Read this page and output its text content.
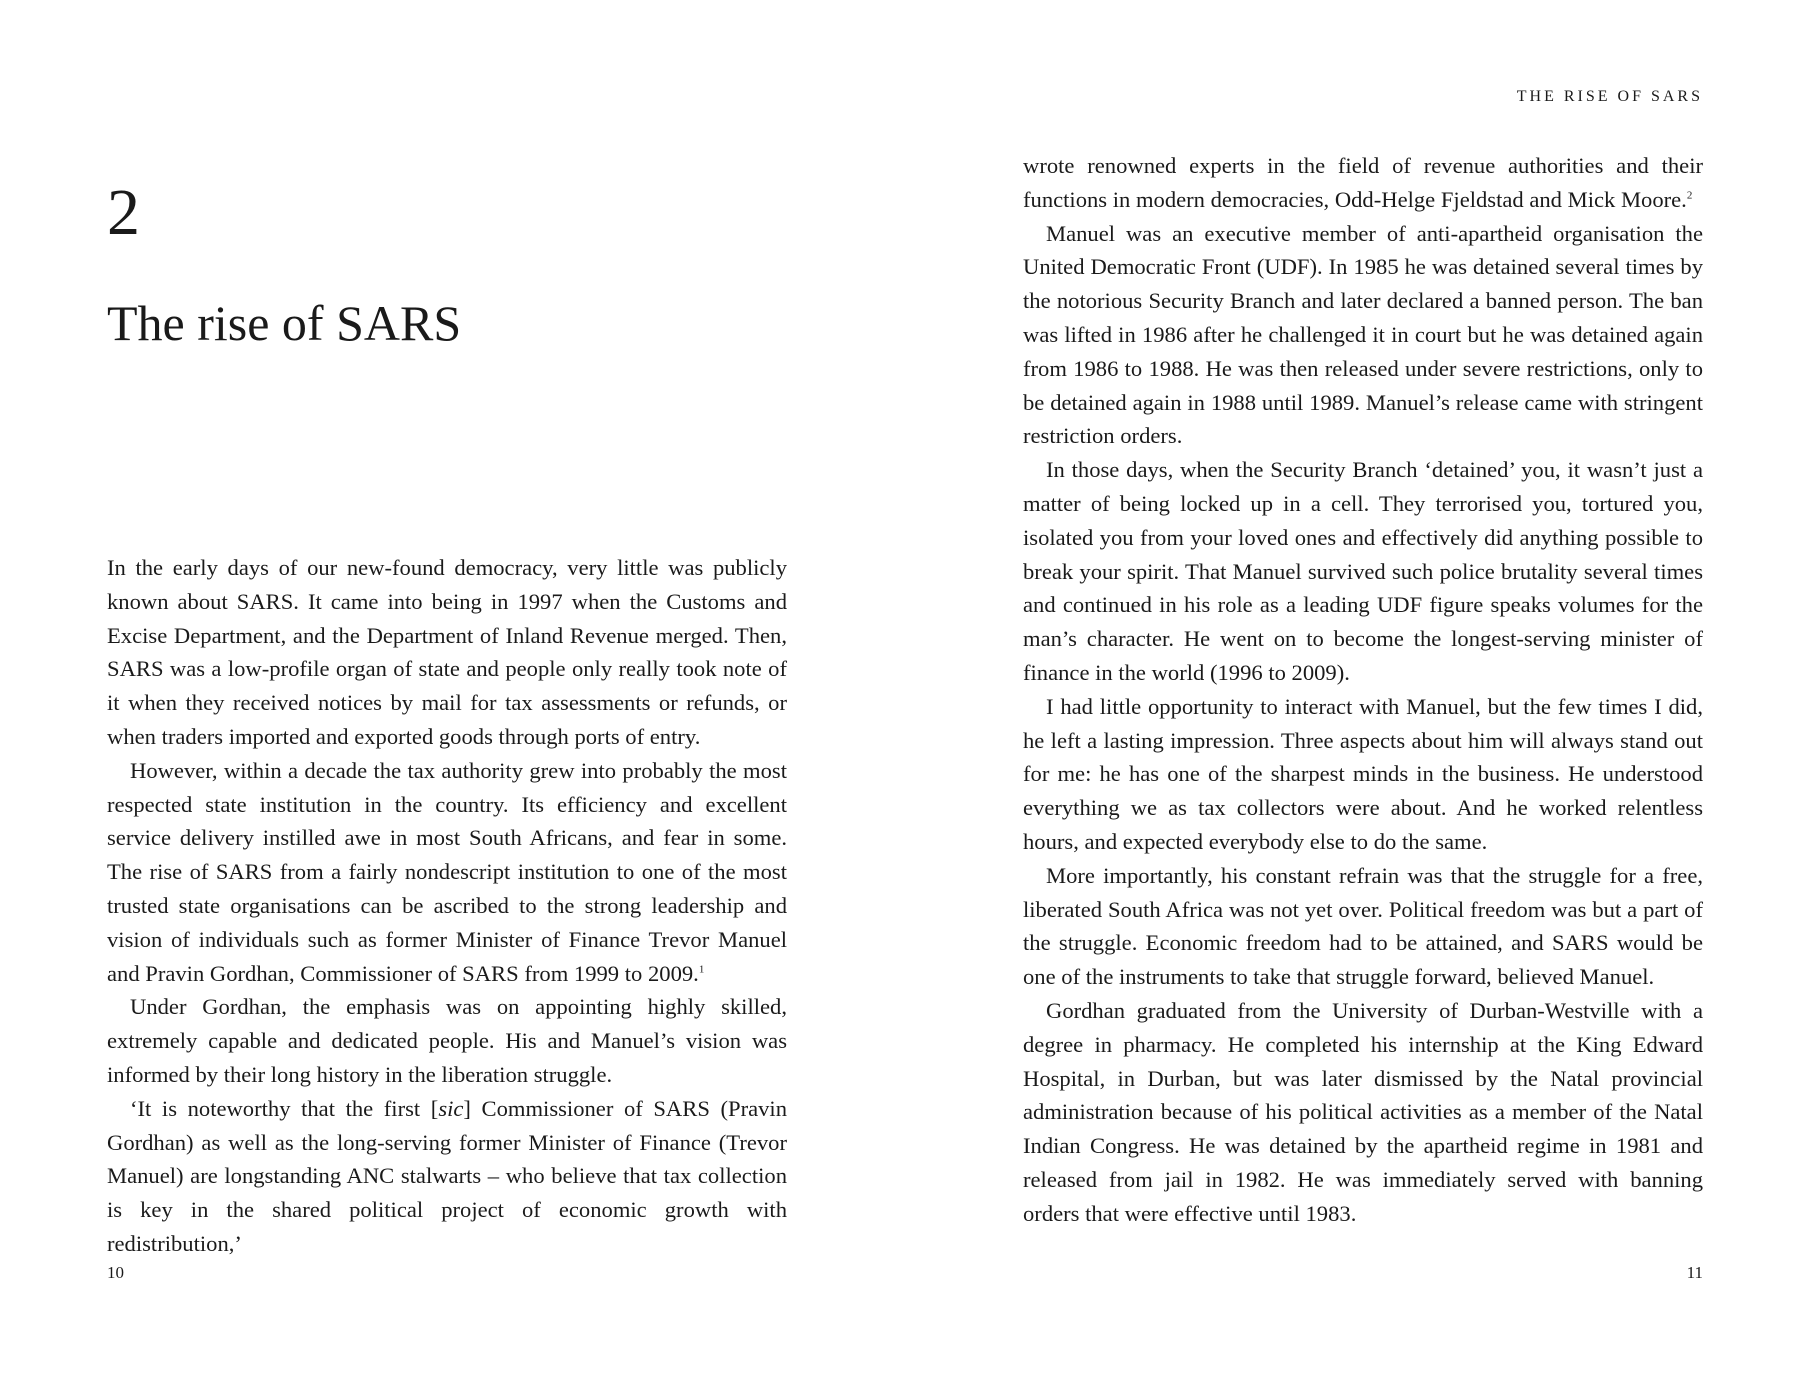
2
The rise of SARS

In the early days of our new-found democracy, very little was publicly known about SARS. It came into being in 1997 when the Customs and Excise Department, and the Department of Inland Revenue merged. Then, SARS was a low-profile organ of state and people only really took note of it when they received notices by mail for tax assessments or refunds, or when traders imported and exported goods through ports of entry.

However, within a decade the tax authority grew into probably the most respected state institution in the country. Its efficiency and excellent service delivery instilled awe in most South Africans, and fear in some. The rise of SARS from a fairly nondescript institution to one of the most trusted state organisations can be ascribed to the strong leadership and vision of individuals such as former Minister of Finance Trevor Manuel and Pravin Gordhan, Commissioner of SARS from 1999 to 2009.$^1$

Under Gordhan, the emphasis was on appointing highly skilled, extremely capable and dedicated people. His and Manuel’s vision was informed by their long history in the liberation struggle.

‘It is noteworthy that the first [sic] Commissioner of SARS (Pravin Gordhan) as well as the long-serving former Minister of Finance (Trevor Manuel) are longstanding ANC stalwarts – who believe that tax collection is key in the shared political project of economic growth with redistribution,’

10
THE RISE OF SARS

wrote renowned experts in the field of revenue authorities and their functions in modern democracies, Odd-Helge Fjeldstad and Mick Moore.$^2$

Manuel was an executive member of anti-apartheid organisation the United Democratic Front (UDF). In 1985 he was detained several times by the notorious Security Branch and later declared a banned person. The ban was lifted in 1986 after he challenged it in court but he was detained again from 1986 to 1988. He was then released under severe restrictions, only to be detained again in 1988 until 1989. Manuel’s release came with stringent restriction orders.

In those days, when the Security Branch ‘detained’ you, it wasn’t just a matter of being locked up in a cell. They terrorised you, tortured you, isolated you from your loved ones and effectively did anything possible to break your spirit. That Manuel survived such police brutality several times and continued in his role as a leading UDF figure speaks volumes for the man’s character. He went on to become the longest-serving minister of finance in the world (1996 to 2009).

I had little opportunity to interact with Manuel, but the few times I did, he left a lasting impression. Three aspects about him will always stand out for me: he has one of the sharpest minds in the business. He understood everything we as tax collectors were about. And he worked relentless hours, and expected everybody else to do the same.

More importantly, his constant refrain was that the struggle for a free, liberated South Africa was not yet over. Political freedom was but a part of the struggle. Economic freedom had to be attained, and SARS would be one of the instruments to take that struggle forward, believed Manuel.

Gordhan graduated from the University of Durban-Westville with a degree in pharmacy. He completed his internship at the King Edward Hospital, in Durban, but was later dismissed by the Natal provincial administration because of his political activities as a member of the Natal Indian Congress. He was detained by the apartheid regime in 1981 and released from jail in 1982. He was immediately served with banning orders that were effective until 1983.

11
